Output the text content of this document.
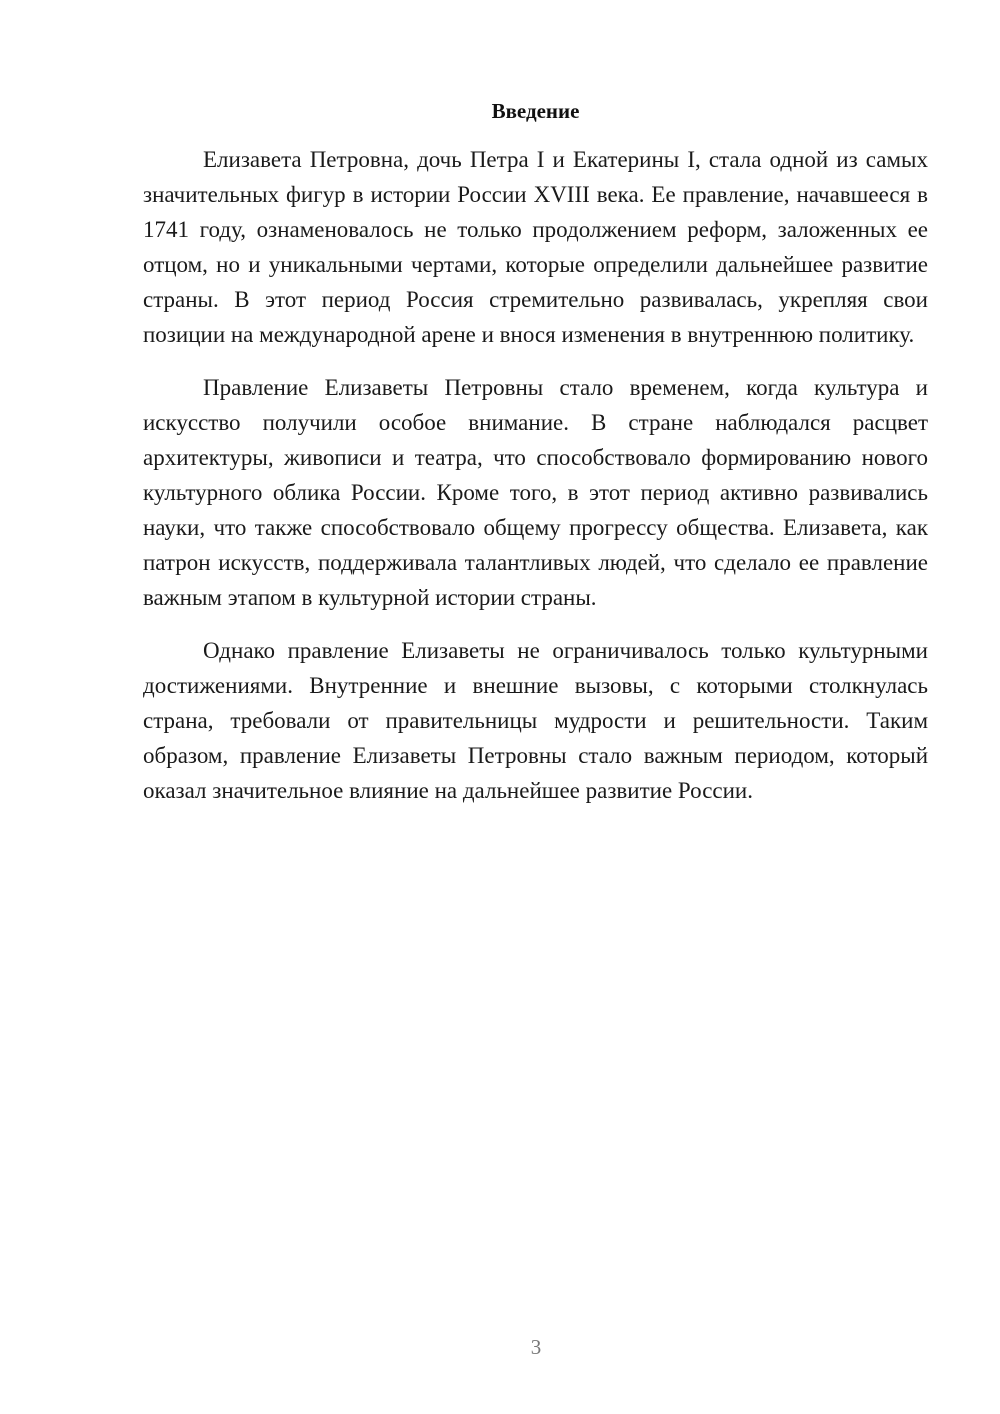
Введение

Елизавета Петровна, дочь Петра I и Екатерины I, стала одной из самых значительных фигур в истории России XVIII века. Ее правление, начавшееся в 1741 году, ознаменовалось не только продолжением реформ, заложенных ее отцом, но и уникальными чертами, которые определили дальнейшее развитие страны. В этот период Россия стремительно развивалась, укрепляя свои позиции на международной арене и внося изменения в внутреннюю политику.

Правление Елизаветы Петровны стало временем, когда культура и искусство получили особое внимание. В стране наблюдался расцвет архитектуры, живописи и театра, что способствовало формированию нового культурного облика России. Кроме того, в этот период активно развивались науки, что также способствовало общему прогрессу общества. Елизавета, как патрон искусств, поддерживала талантливых людей, что сделало ее правление важным этапом в культурной истории страны.

Однако правление Елизаветы не ограничивалось только культурными достижениями. Внутренние и внешние вызовы, с которыми столкнулась страна, требовали от правительницы мудрости и решительности. Таким образом, правление Елизаветы Петровны стало важным периодом, который оказал значительное влияние на дальнейшее развитие России.

3
